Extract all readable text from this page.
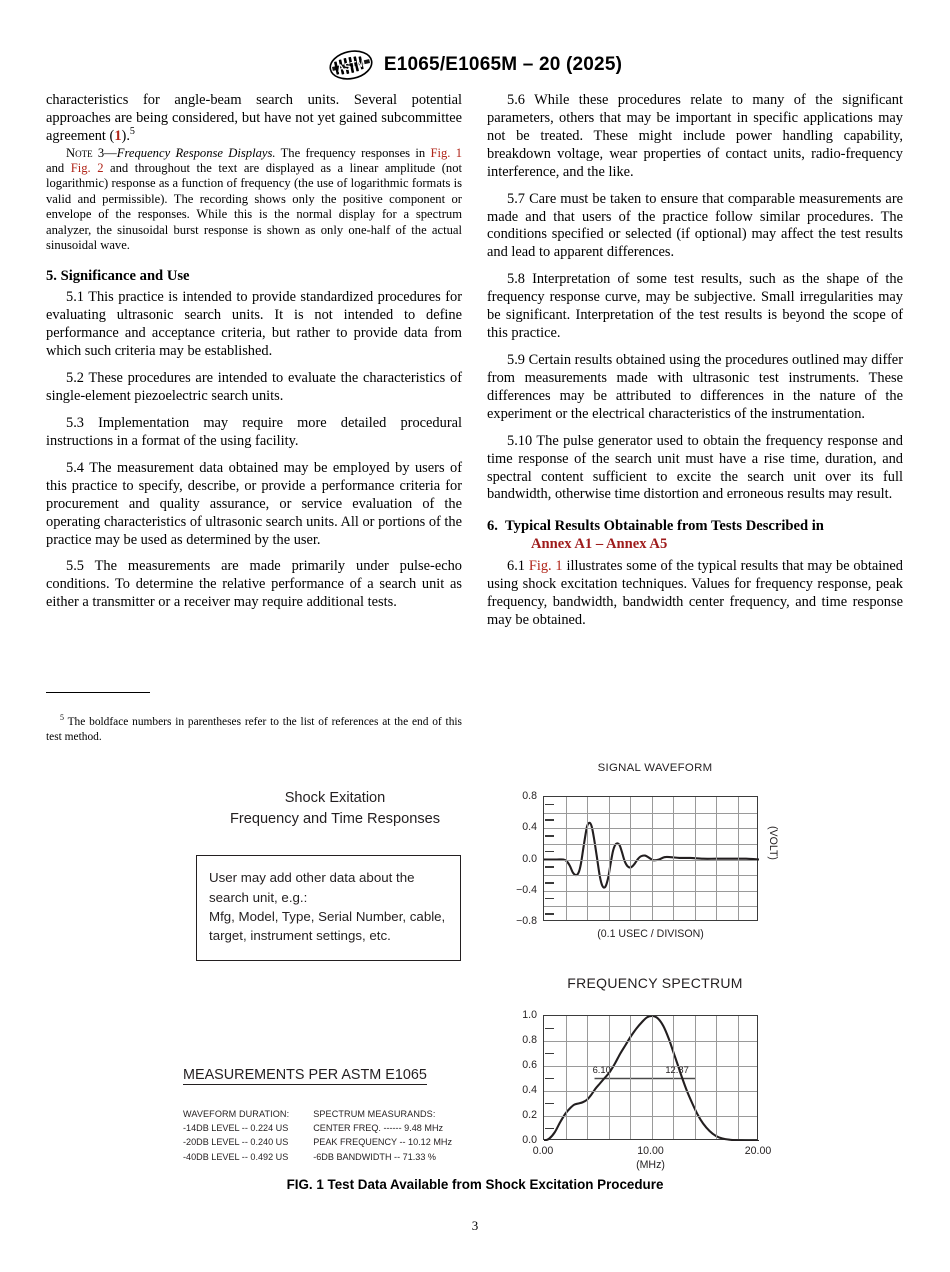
ASTM E1065/E1065M – 20 (2025)

characteristics for angle-beam search units. Several potential approaches are being considered, but have not yet gained subcommittee agreement (1).$^5$

Note 3—Frequency Response Displays. The frequency responses in Fig. 1 and Fig. 2 and throughout the text are displayed as a linear amplitude (not logarithmic) response as a function of frequency (the use of logarithmic formats is valid and permissible). The recording shows only the positive component or envelope of the responses. While this is the normal display for a spectrum analyzer, the sinusoidal burst response is shown as only one-half of the actual sinusoidal wave.

5. Significance and Use

5.1 This practice is intended to provide standardized procedures for evaluating ultrasonic search units. It is not intended to define performance and acceptance criteria, but rather to provide data from which such criteria may be established.

5.2 These procedures are intended to evaluate the characteristics of single-element piezoelectric search units.

5.3 Implementation may require more detailed procedural instructions in a format of the using facility.

5.4 The measurement data obtained may be employed by users of this practice to specify, describe, or provide a performance criteria for procurement and quality assurance, or service evaluation of the operating characteristics of ultrasonic search units. All or portions of the practice may be used as determined by the user.

5.5 The measurements are made primarily under pulse-echo conditions. To determine the relative performance of a search unit as either a transmitter or a receiver may require additional tests.

$^5$ The boldface numbers in parentheses refer to the list of references at the end of this test method.

5.6 While these procedures relate to many of the significant parameters, others that may be important in specific applications may not be treated. These might include power handling capability, breakdown voltage, wear properties of contact units, radio-frequency interference, and the like.

5.7 Care must be taken to ensure that comparable measurements are made and that users of the practice follow similar procedures. The conditions specified or selected (if optional) may affect the test results and lead to apparent differences.

5.8 Interpretation of some test results, such as the shape of the frequency response curve, may be subjective. Small irregularities may be significant. Interpretation of the test results is beyond the scope of this practice.

5.9 Certain results obtained using the procedures outlined may differ from measurements made with ultrasonic test instruments. These differences may be attributed to differences in the nature of the experiment or the electrical characteristics of the instrumentation.

5.10 The pulse generator used to obtain the frequency response and time response of the search unit must have a rise time, duration, and spectral content sufficient to excite the search unit over its full bandwidth, otherwise time distortion and erroneous results may result.

6. Typical Results Obtainable from Tests Described in
Annex A1 – Annex A5

6.1 Fig. 1 illustrates some of the typical results that may be obtained using shock excitation techniques. Values for frequency response, peak frequency, bandwidth, bandwidth center frequency, and time response may be obtained.

Shock Exitation
Frequency and Time Responses
User may add other data about the
search unit, e.g.:
Mfg, Model, Type, Serial Number, cable,
target, instrument settings, etc.
MEASUREMENTS PER ASTM E1065
WAVEFORM DURATION:
-14DB LEVEL -- 0.224 US
-20DB LEVEL -- 0.240 US
-40DB LEVEL -- 0.492 US
SPECTRUM MEASURANDS:
CENTER FREQ. ------ 9.48 MHz
PEAK FREQUENCY -- 10.12 MHz
-6DB BANDWIDTH -- 71.33 %
SIGNAL WAVEFORM
0.8
0.4
0.0
−0.4
−0.8
(0.1 USEC / DIVISON)
(VOLT)
FREQUENCY SPECTRUM
1.0
0.8
0.6
0.4
0.2
0.0
0.00	10.00	20.00
(MHz)
6.10	12.87
FIG. 1 Test Data Available from Shock Excitation Procedure
3
